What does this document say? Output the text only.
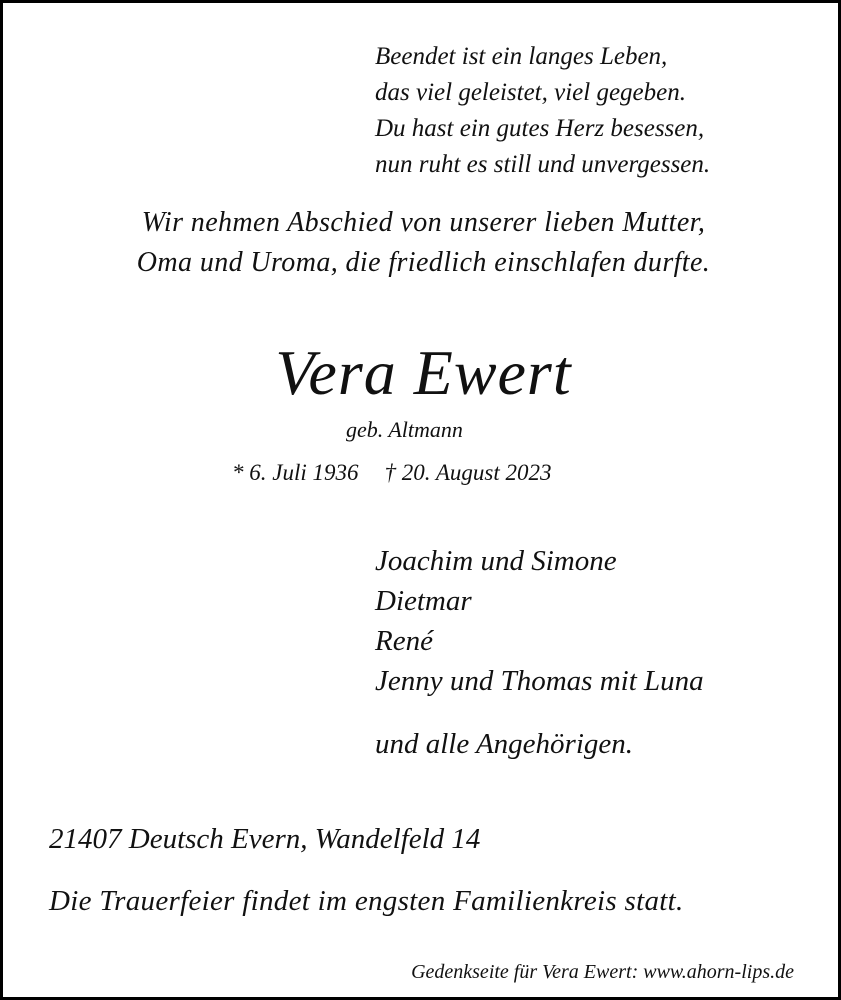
Beendet ist ein langes Leben,
das viel geleistet, viel gegeben.
Du hast ein gutes Herz besessen,
nun ruht es still und unvergessen.
Wir nehmen Abschied von unserer lieben Mutter,
Oma und Uroma, die friedlich einschlafen durfte.
Vera Ewert
geb. Altmann
* 6. Juli 1936 † 20. August 2023
Joachim und Simone
Dietmar
René
Jenny und Thomas mit Luna
und alle Angehörigen.
21407 Deutsch Evern, Wandelfeld 14
Die Trauerfeier findet im engsten Familienkreis statt.
Gedenkseite für Vera Ewert: www.ahorn-lips.de
